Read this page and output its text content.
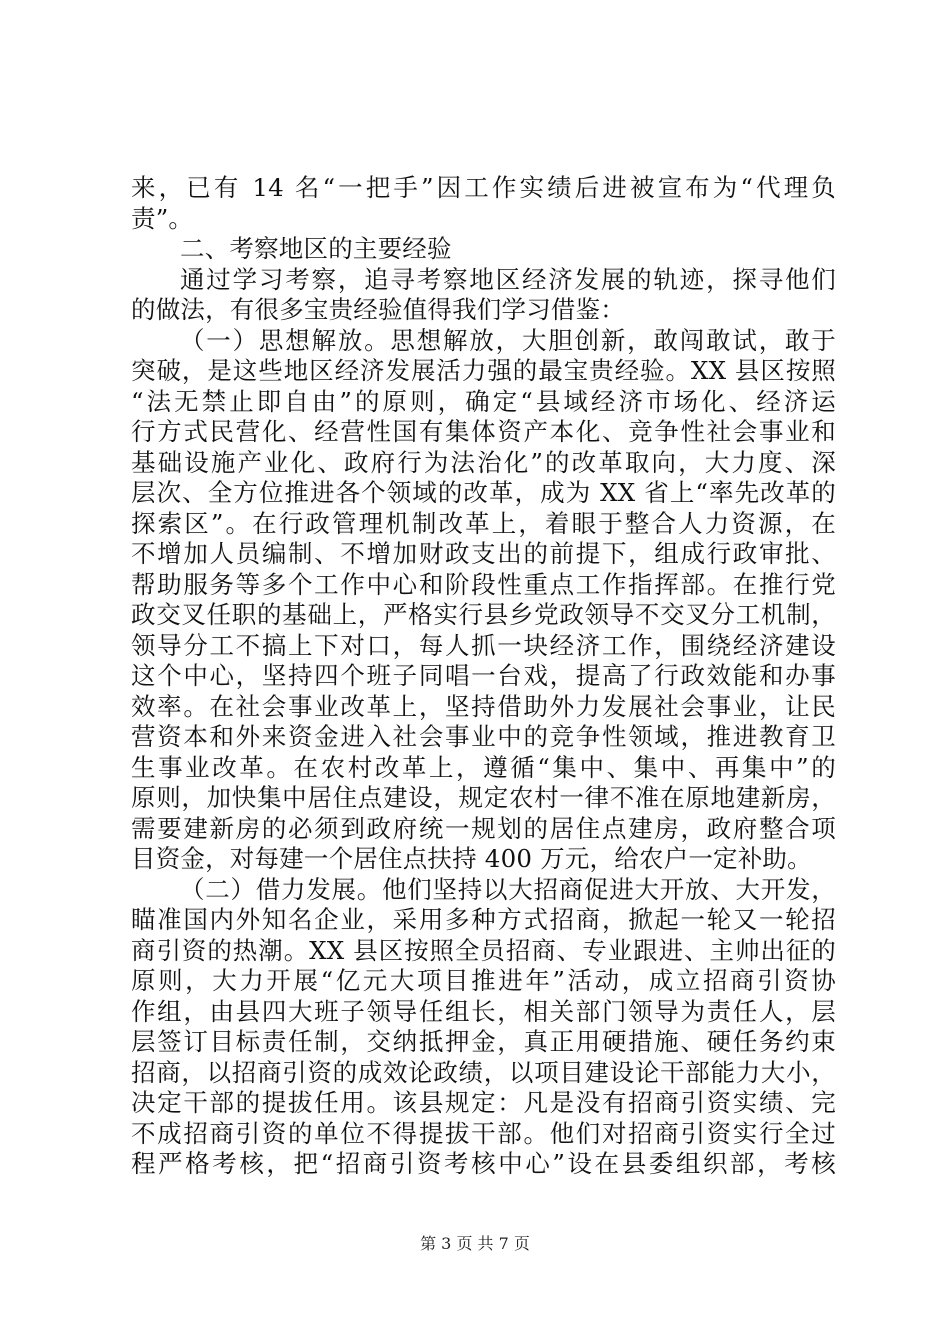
来，已有 14 名“一把手”因工作实绩后进被宣布为“代理负
责”。
二、考察地区的主要经验
通过学习考察，追寻考察地区经济发展的轨迹，探寻他们
的做法，有很多宝贵经验值得我们学习借鉴：
（一）思想解放。思想解放，大胆创新，敢闯敢试，敢于
突破，是这些地区经济发展活力强的最宝贵经验。XX 县区按照
“法无禁止即自由”的原则，确定“县域经济市场化、经济运
行方式民营化、经营性国有集体资产本化、竞争性社会事业和
基础设施产业化、政府行为法治化”的改革取向，大力度、深
层次、全方位推进各个领域的改革，成为 XX 省上“率先改革的
探索区”。在行政管理机制改革上，着眼于整合人力资源，在
不增加人员编制、不增加财政支出的前提下，组成行政审批、
帮助服务等多个工作中心和阶段性重点工作指挥部。在推行党
政交叉任职的基础上，严格实行县乡党政领导不交叉分工机制，
领导分工不搞上下对口，每人抓一块经济工作，围绕经济建设
这个中心，坚持四个班子同唱一台戏，提高了行政效能和办事
效率。在社会事业改革上，坚持借助外力发展社会事业，让民
营资本和外来资金进入社会事业中的竞争性领域，推进教育卫
生事业改革。在农村改革上，遵循“集中、集中、再集中”的
原则，加快集中居住点建设，规定农村一律不准在原地建新房，
需要建新房的必须到政府统一规划的居住点建房，政府整合项
目资金，对每建一个居住点扶持 400 万元，给农户一定补助。
（二）借力发展。他们坚持以大招商促进大开放、大开发，
瞄准国内外知名企业，采用多种方式招商，掀起一轮又一轮招
商引资的热潮。XX 县区按照全员招商、专业跟进、主帅出征的
原则，大力开展“亿元大项目推进年”活动，成立招商引资协
作组，由县四大班子领导任组长，相关部门领导为责任人，层
层签订目标责任制，交纳抵押金，真正用硬措施、硬任务约束
招商，以招商引资的成效论政绩，以项目建设论干部能力大小，
决定干部的提拔任用。该县规定：凡是没有招商引资实绩、完
不成招商引资的单位不得提拔干部。他们对招商引资实行全过
程严格考核，把“招商引资考核中心”设在县委组织部，考核
第 3 页 共 7 页
